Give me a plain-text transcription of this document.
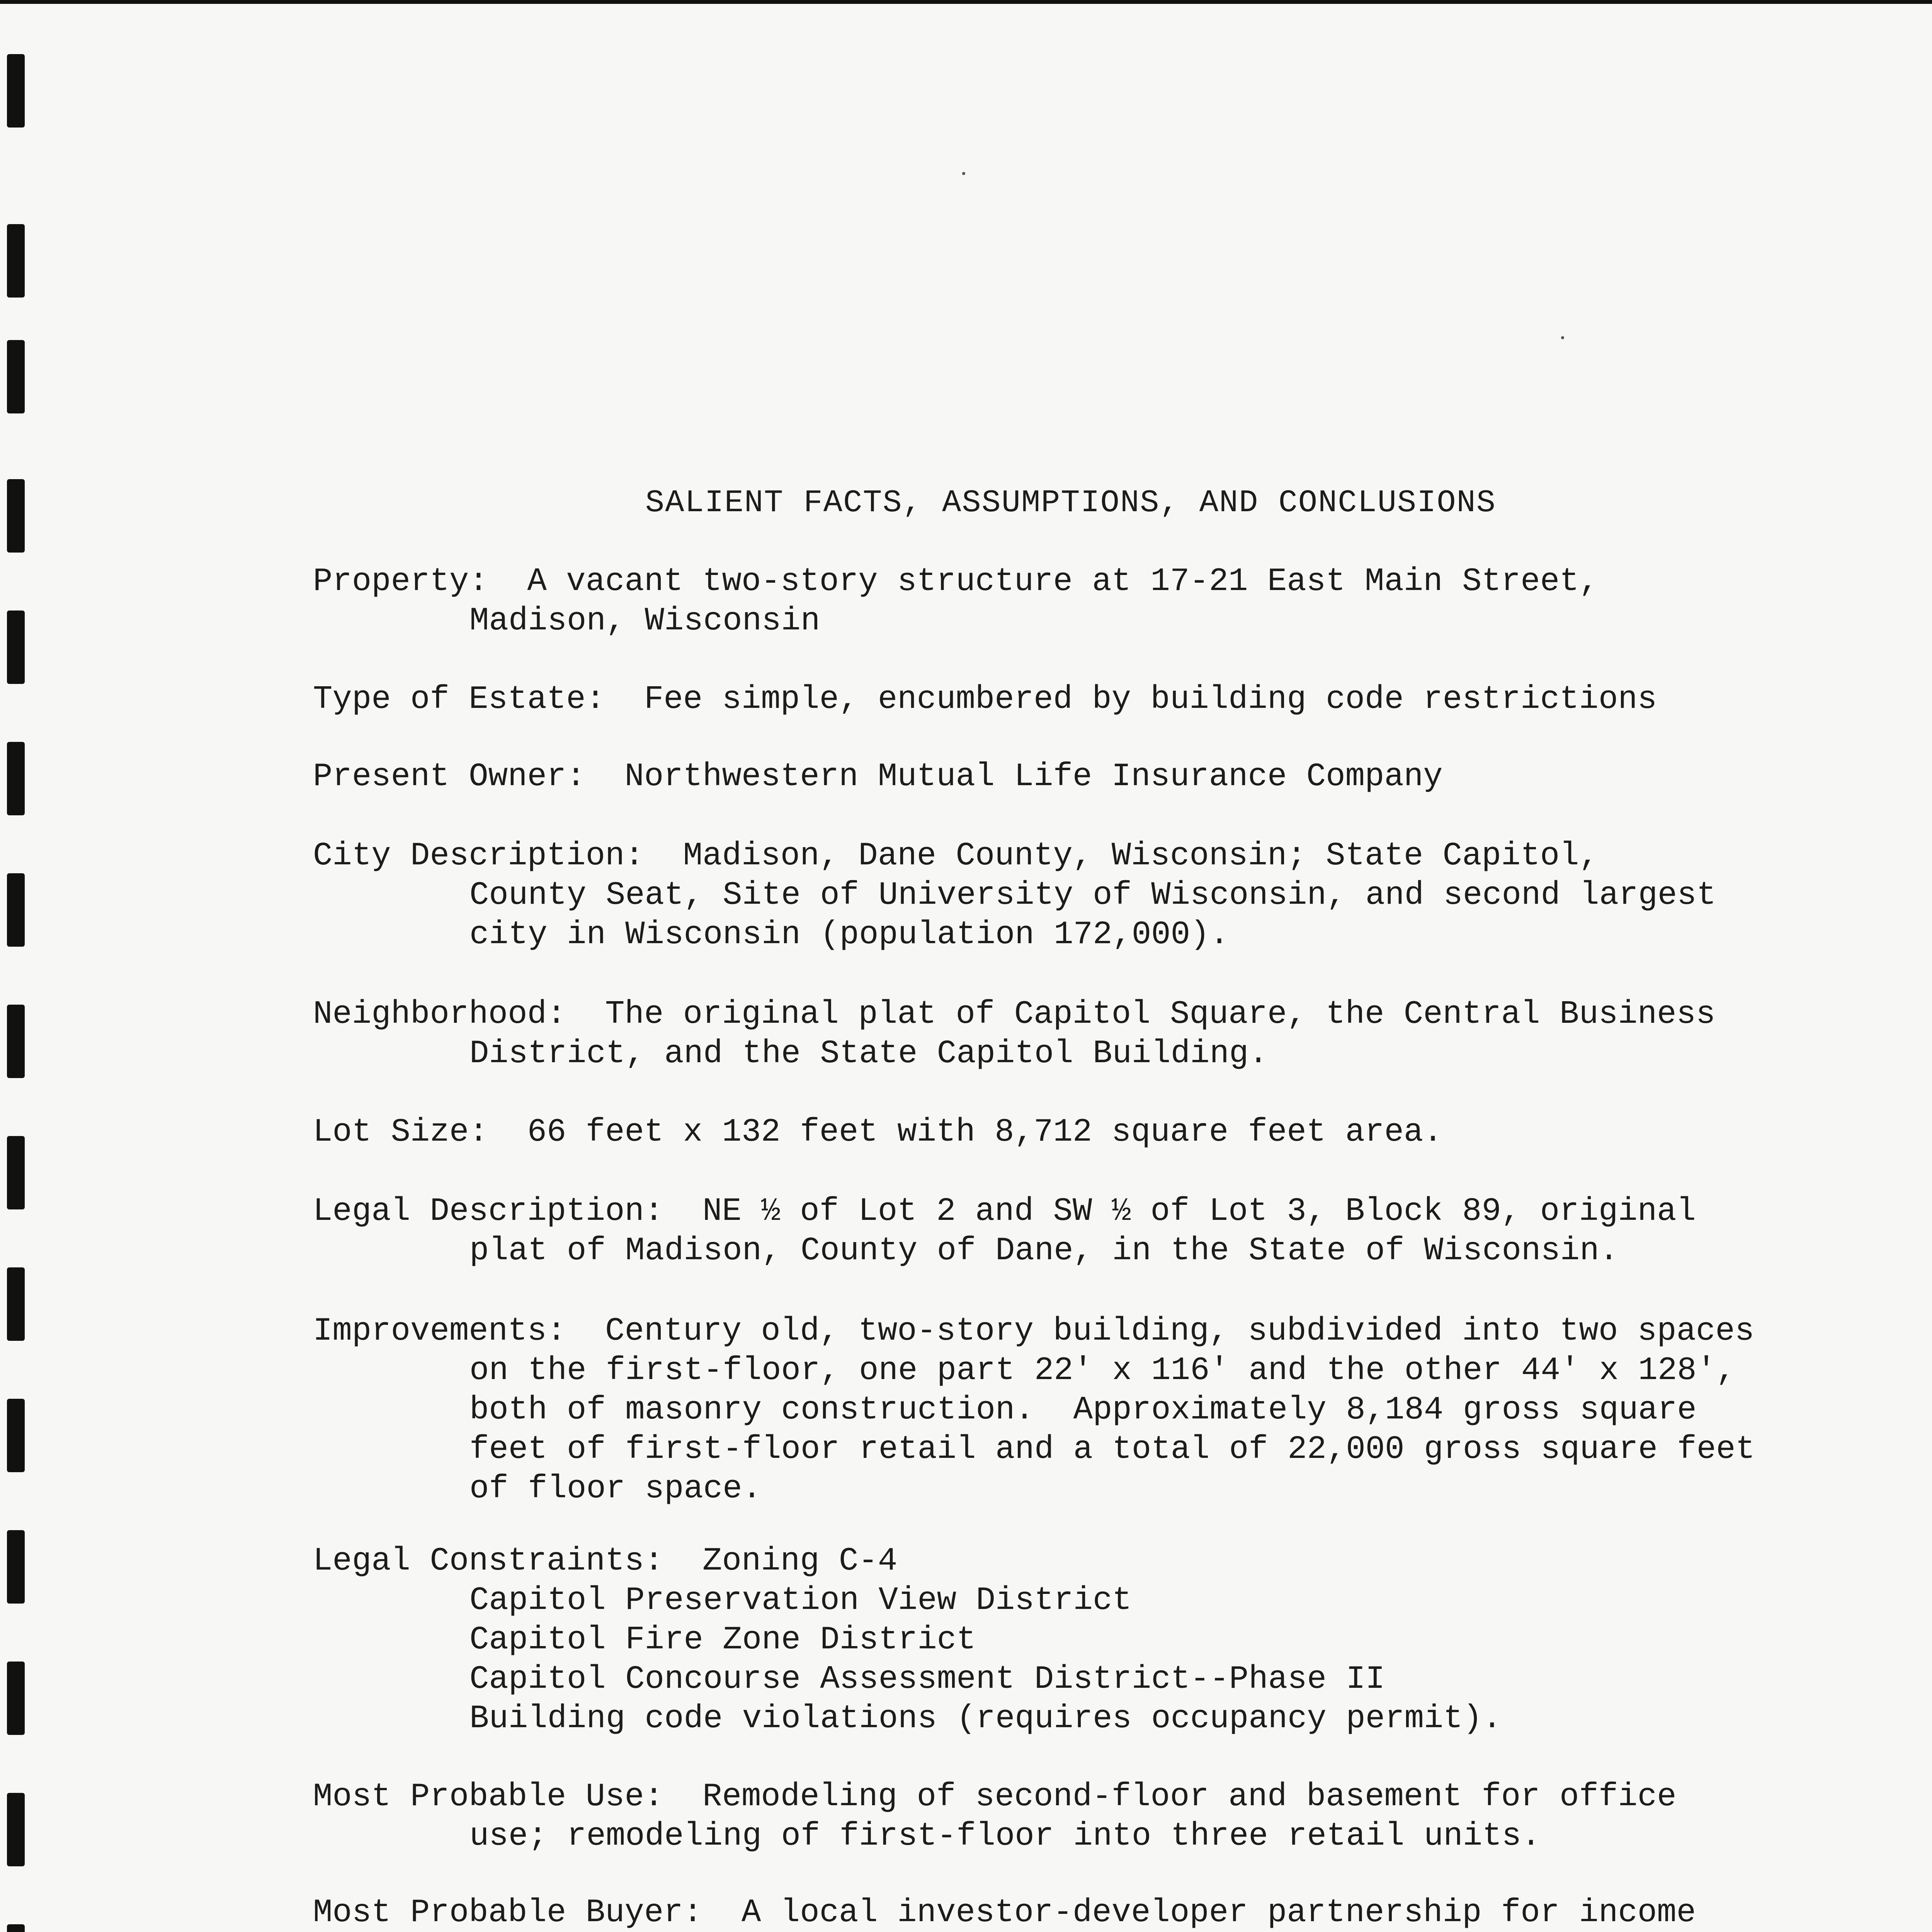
SALIENT FACTS, ASSUMPTIONS, AND CONCLUSIONS
Property:  A vacant two-story structure at 17-21 East Main Street,
Madison, Wisconsin
Type of Estate:  Fee simple, encumbered by building code restrictions
Present Owner:  Northwestern Mutual Life Insurance Company
City Description:  Madison, Dane County, Wisconsin; State Capitol,
County Seat, Site of University of Wisconsin, and second largest
city in Wisconsin (population 172,000).
Neighborhood:  The original plat of Capitol Square, the Central Business
District, and the State Capitol Building.
Lot Size:  66 feet x 132 feet with 8,712 square feet area.
Legal Description:  NE ½ of Lot 2 and SW ½ of Lot 3, Block 89, original
plat of Madison, County of Dane, in the State of Wisconsin.
Improvements:  Century old, two-story building, subdivided into two spaces
on the first-floor, one part 22' x 116' and the other 44' x 128',
both of masonry construction.  Approximately 8,184 gross square
feet of first-floor retail and a total of 22,000 gross square feet
of floor space.
Legal Constraints:  Zoning C-4
Capitol Preservation View District
Capitol Fire Zone District
Capitol Concourse Assessment District--Phase II
Building code violations (requires occupancy permit).
Most Probable Use:  Remodeling of second-floor and basement for office
use; remodeling of first-floor into three retail units.
Most Probable Buyer:  A local investor-developer partnership for income
